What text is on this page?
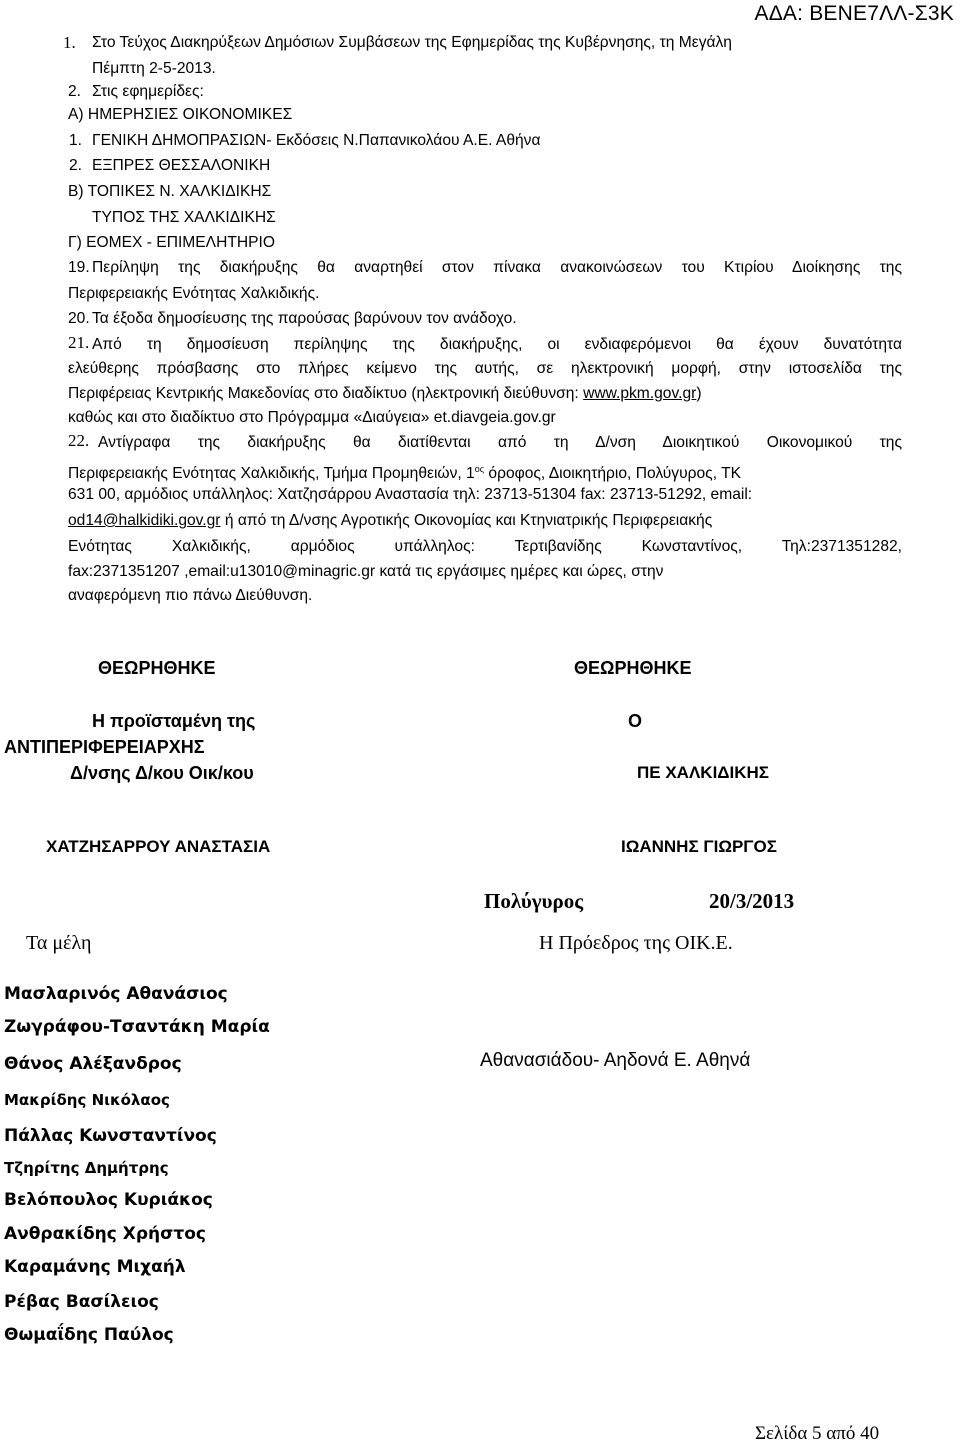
ΑΔΑ: ΒΕΝΕ7ΛΛ-Σ3Κ
1. Στο Τεύχος Διακηρύξεων Δημόσιων Συμβάσεων της Εφημερίδας της Κυβέρνησης, τη Μεγάλη
Πέμπτη 2-5-2013.
2. Στις εφημερίδες:
Α) ΗΜΕΡΗΣΙΕΣ ΟΙΚΟΝΟΜΙΚΕΣ
1. ΓΕΝΙΚΗ ΔΗΜΟΠΡΑΣΙΩΝ- Εκδόσεις Ν.Παπανικολάου Α.Ε. Αθήνα
2. ΕΞΠΡΕΣ ΘΕΣΣΑΛΟΝΙΚΗ
Β) ΤΟΠΙΚΕΣ Ν. ΧΑΛΚΙΔΙΚΗΣ
ΤΥΠΟΣ ΤΗΣ ΧΑΛΚΙΔΙΚΗΣ
Γ) ΕΟΜΕΧ - ΕΠΙΜΕΛΗΤΗΡΙΟ
19. Περίληψη της διακήρυξης θα αναρτηθεί στον πίνακα ανακοινώσεων του Κτιρίου Διοίκησης της
Περιφερειακής Ενότητας Χαλκιδικής.
20. Τα έξοδα δημοσίευσης της παρούσας βαρύνουν τον ανάδοχο.
21. Από τη δημοσίευση περίληψης της διακήρυξης, οι ενδιαφερόμενοι θα έχουν δυνατότητα
ελεύθερης πρόσβασης στο πλήρες κείμενο της αυτής, σε ηλεκτρονική μορφή, στην ιστοσελίδα της
Περιφέρειας Κεντρικής Μακεδονίας στο διαδίκτυο (ηλεκτρονική διεύθυνση: www.pkm.gov.gr)
καθώς και στο διαδίκτυο στο Πρόγραμμα «Διαύγεια» et.diavgeia.gov.gr
22. Αντίγραφα της διακήρυξης θα διατίθενται από τη Δ/νση Διοικητικού Οικονομικού της
Περιφερειακής Ενότητας Χαλκιδικής, Τμήμα Προμηθειών, $1^{o\varsigma}$ όροφος, Διοικητήριο, Πολύγυρος, ΤΚ
631 00, αρμόδιος υπάλληλος: Χατζησάρρου Αναστασία τηλ: 23713-51304 fax: 23713-51292, email:
od14@halkidiki.gov.gr ή από τη Δ/νσης Αγροτικής Οικονομίας και Κτηνιατρικής Περιφερειακής
Ενότητας Χαλκιδικής, αρμόδιος υπάλληλος: Τερτιβανίδης Κωνσταντίνος, Τηλ:2371351282,
fax:2371351207 ,email:u13010@minagric.gr κατά τις εργάσιμες ημέρες και ώρες, στην
αναφερόμενη πιο πάνω Διεύθυνση.
ΘΕΩΡΗΘΗΚΕ	ΘΕΩΡΗΘΗΚΕ
Η προϊσταμένη της	Ο
ΑΝΤΙΠΕΡΙΦΕΡΕΙΑΡΧΗΣ
Δ/νσης Δ/κου Οικ/κου	ΠΕ ΧΑΛΚΙΔΙΚΗΣ
ΧΑΤΖΗΣΑΡΡΟΥ ΑΝΑΣΤΑΣΙΑ	ΙΩΑΝΝΗΣ ΓΙΩΡΓΟΣ
Πολύγυρος	20/3/2013
Τα μέλη	Η Πρόεδρος της ΟΙΚ.Ε.
Αθανασιάδου- Αηδονά Ε. Αθηνά
Μασλαρινός Αθανάσιος
Ζωγράφου-Τσαντάκη Μαρία
Θάνος Αλέξανδρος
Μακρίδης Νικόλαος
Πάλλας Κωνσταντίνος
Τζηρίτης Δημήτρης
Βελόπουλος Κυριάκος
Ανθρακίδης Χρήστος
Καραμάνης Μιχαήλ
Ρέβας Βασίλειος
Θωμαΐδης Παύλος
Σελίδα 5 από 40
